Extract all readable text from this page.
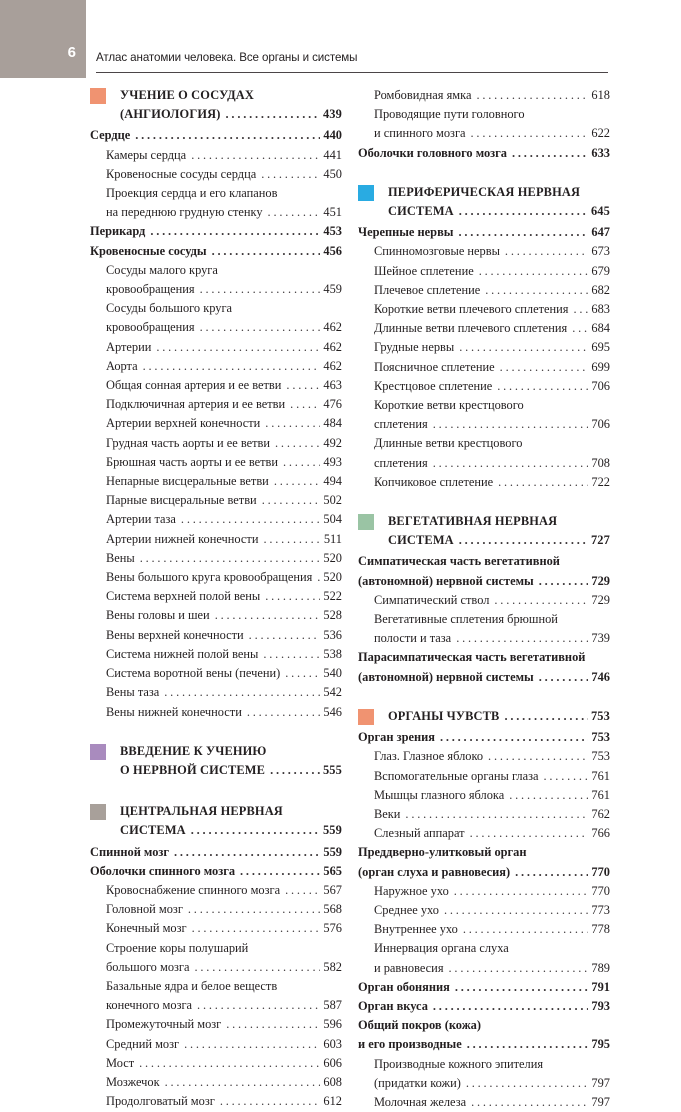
6 Атлас анатомии человека. Все органы и системы
УЧЕНИЕ О СОСУДАХ
(АНГИОЛОГИЯ) .....	439
Сердце .....	440
Камеры сердца .....	441
Кровеносные сосуды сердца .....	450
Проекция сердца и его клапанов
на переднюю грудную стенку .....	451
Перикард .....	453
Кровеносные сосуды .....	456
Сосуды малого круга
кровообращения .....	459
Сосуды большого круга
кровообращения .....	462
Артерии .....	462
Аорта .....	462
Общая сонная артерия и ее ветви .....	463
Подключичная артерия и ее ветви .....	476
Артерии верхней конечности .....	484
Грудная часть аорты и ее ветви .....	492
Брюшная часть аорты и ее ветви .....	493
Непарные висцеральные ветви .....	494
Парные висцеральные ветви .....	502
Артерии таза .....	504
Артерии нижней конечности .....	511
Вены .....	520
Вены большого круга кровообращения ..... 520
Система верхней полой вены .....	522
Вены головы и шеи .....	528
Вены верхней конечности .....	536
Система нижней полой вены .....	538
Система воротной вены (печени) .....	540
Вены таза .....	542
Вены нижней конечности .....	546
ВВЕДЕНИЕ К УЧЕНИЮ
О НЕРВНОЙ СИСТЕМЕ .....	555
ЦЕНТРАЛЬНАЯ НЕРВНАЯ
СИСТЕМА .....	559
Спинной мозг .....	559
Оболочки спинного мозга .....	565
Кровоснабжение спинного мозга .....	567
Головной мозг .....	568
Конечный мозг .....	576
Строение коры полушарий
большого мозга .....	582
Базальные ядра и белое веществ
конечного мозга .....	587
Промежуточный мозг .....	596
Средний мозг .....	603
Мост .....	606
Мозжечок .....	608
Продолговатый мозг .....	612
Ромбовидная ямка .....	618
Проводящие пути головного
и спинного мозга .....	622
Оболочки головного мозга .....	633
ПЕРИФЕРИЧЕСКАЯ НЕРВНАЯ
СИСТЕМА .....	645
Черепные нервы .....	647
Спинномозговые нервы .....	673
Шейное сплетение .....	679
Плечевое сплетение .....	682
Короткие ветви плечевого сплетения ..... 683
Длинные ветви плечевого сплетения ..... 684
Грудные нервы .....	695
Поясничное сплетение .....	699
Крестцовое сплетение .....	706
Короткие ветви крестцового
сплетения .....	706
Длинные ветви крестцового
сплетения .....	708
Копчиковое сплетение .....	722
ВЕГЕТАТИВНАЯ НЕРВНАЯ
СИСТЕМА .....	727
Симпатическая часть вегетативной
(автономной) нервной системы .....	729
Симпатический ствол .....	729
Вегетативные сплетения брюшной
полости и таза .....	739
Парасимпатическая часть вегетативной
(автономной) нервной системы .....	746
ОРГАНЫ ЧУВСТВ .....	753
Орган зрения .....	753
Глаз. Глазное яблоко .....	753
Вспомогательные органы глаза .....	761
Мышцы глазного яблока .....	761
Веки .....	762
Слезный аппарат .....	766
Преддверно-улитковый орган
(орган слуха и равновесия) .....	770
Наружное ухо .....	770
Среднее ухо .....	773
Внутреннее ухо .....	778
Иннервация органа слуха
и равновесия .....	789
Орган обоняния .....	791
Орган вкуса .....	793
Общий покров (кожа)
и его производные .....	795
Производные кожного эпителия
(придатки кожи) .....	797
Молочная железа .....	797
